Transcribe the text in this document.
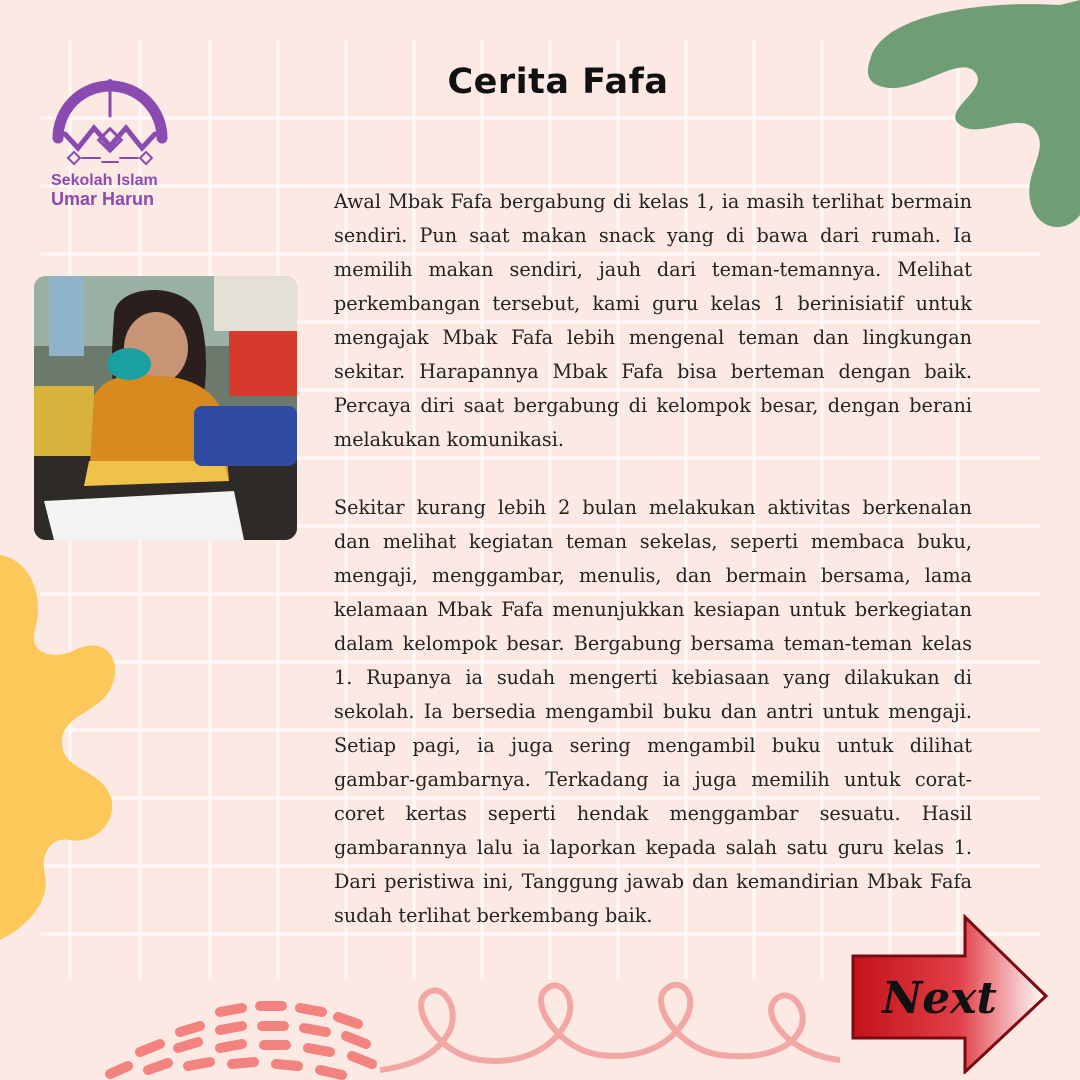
Sekolah Islam
Umar Harun
Cerita Fafa

Awal Mbak Fafa bergabung di kelas 1, ia masih terlihat bermain sendiri. Pun saat makan snack yang di bawa dari rumah. Ia memilih makan sendiri, jauh dari teman-temannya. Melihat perkembangan tersebut, kami guru kelas 1 berinisiatif untuk mengajak Mbak Fafa lebih mengenal teman dan lingkungan sekitar. Harapannya Mbak Fafa bisa berteman dengan baik. Percaya diri saat bergabung di kelompok besar, dengan berani melakukan komunikasi.

Sekitar kurang lebih 2 bulan melakukan aktivitas berkenalan dan melihat kegiatan teman sekelas, seperti membaca buku, mengaji, menggambar, menulis, dan bermain bersama, lama kelamaan Mbak Fafa menunjukkan kesiapan untuk berkegiatan dalam kelompok besar. Bergabung bersama teman-teman kelas 1. Rupanya ia sudah mengerti kebiasaan yang dilakukan di sekolah. Ia bersedia mengambil buku dan antri untuk mengaji. Setiap pagi, ia juga sering mengambil buku untuk dilihat gambar-gambarnya. Terkadang ia juga memilih untuk corat-coret kertas seperti hendak menggambar sesuatu. Hasil gambarannya lalu ia laporkan kepada salah satu guru kelas 1. Dari peristiwa ini, Tanggung jawab dan kemandirian Mbak Fafa sudah terlihat berkembang baik.

Next
